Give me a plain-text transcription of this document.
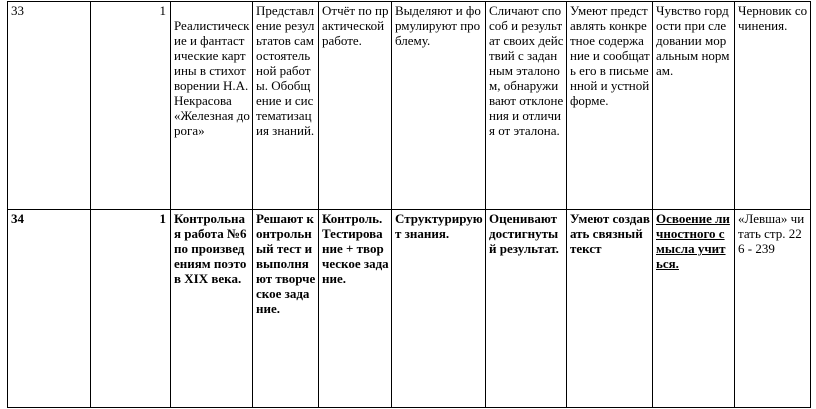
33	1	Реалистические и фантастические картины в стихотворении Н.А.Некрасова «Железная дорога»	Представление результатов самостоятельной работы. Обобщение и систематизация знаний.	Отчёт по практической работе.	Выделяют и формулируют проблему.	Сличают способ и результат своих действий с заданным эталоном, обнаруживают отклонения и отличия от эталона.	Умеют представлять конкретное содержание и сообщать его в письменной и устной форме.	Чувство гордости при следовании моральным нормам.	Черновик сочинения.
34	1	Контрольная работа №6 по произведениям поэтов XIX века.	Решают контрольный тест и выполняют творческое задание.	Контроль. Тестирование + творческое задание.	Структурируют знания.	Оценивают достигнутый результат.	Умеют создавать связный текст	Освоение личностного смысла учиться.	«Левша» читать стр. 226 - 239
